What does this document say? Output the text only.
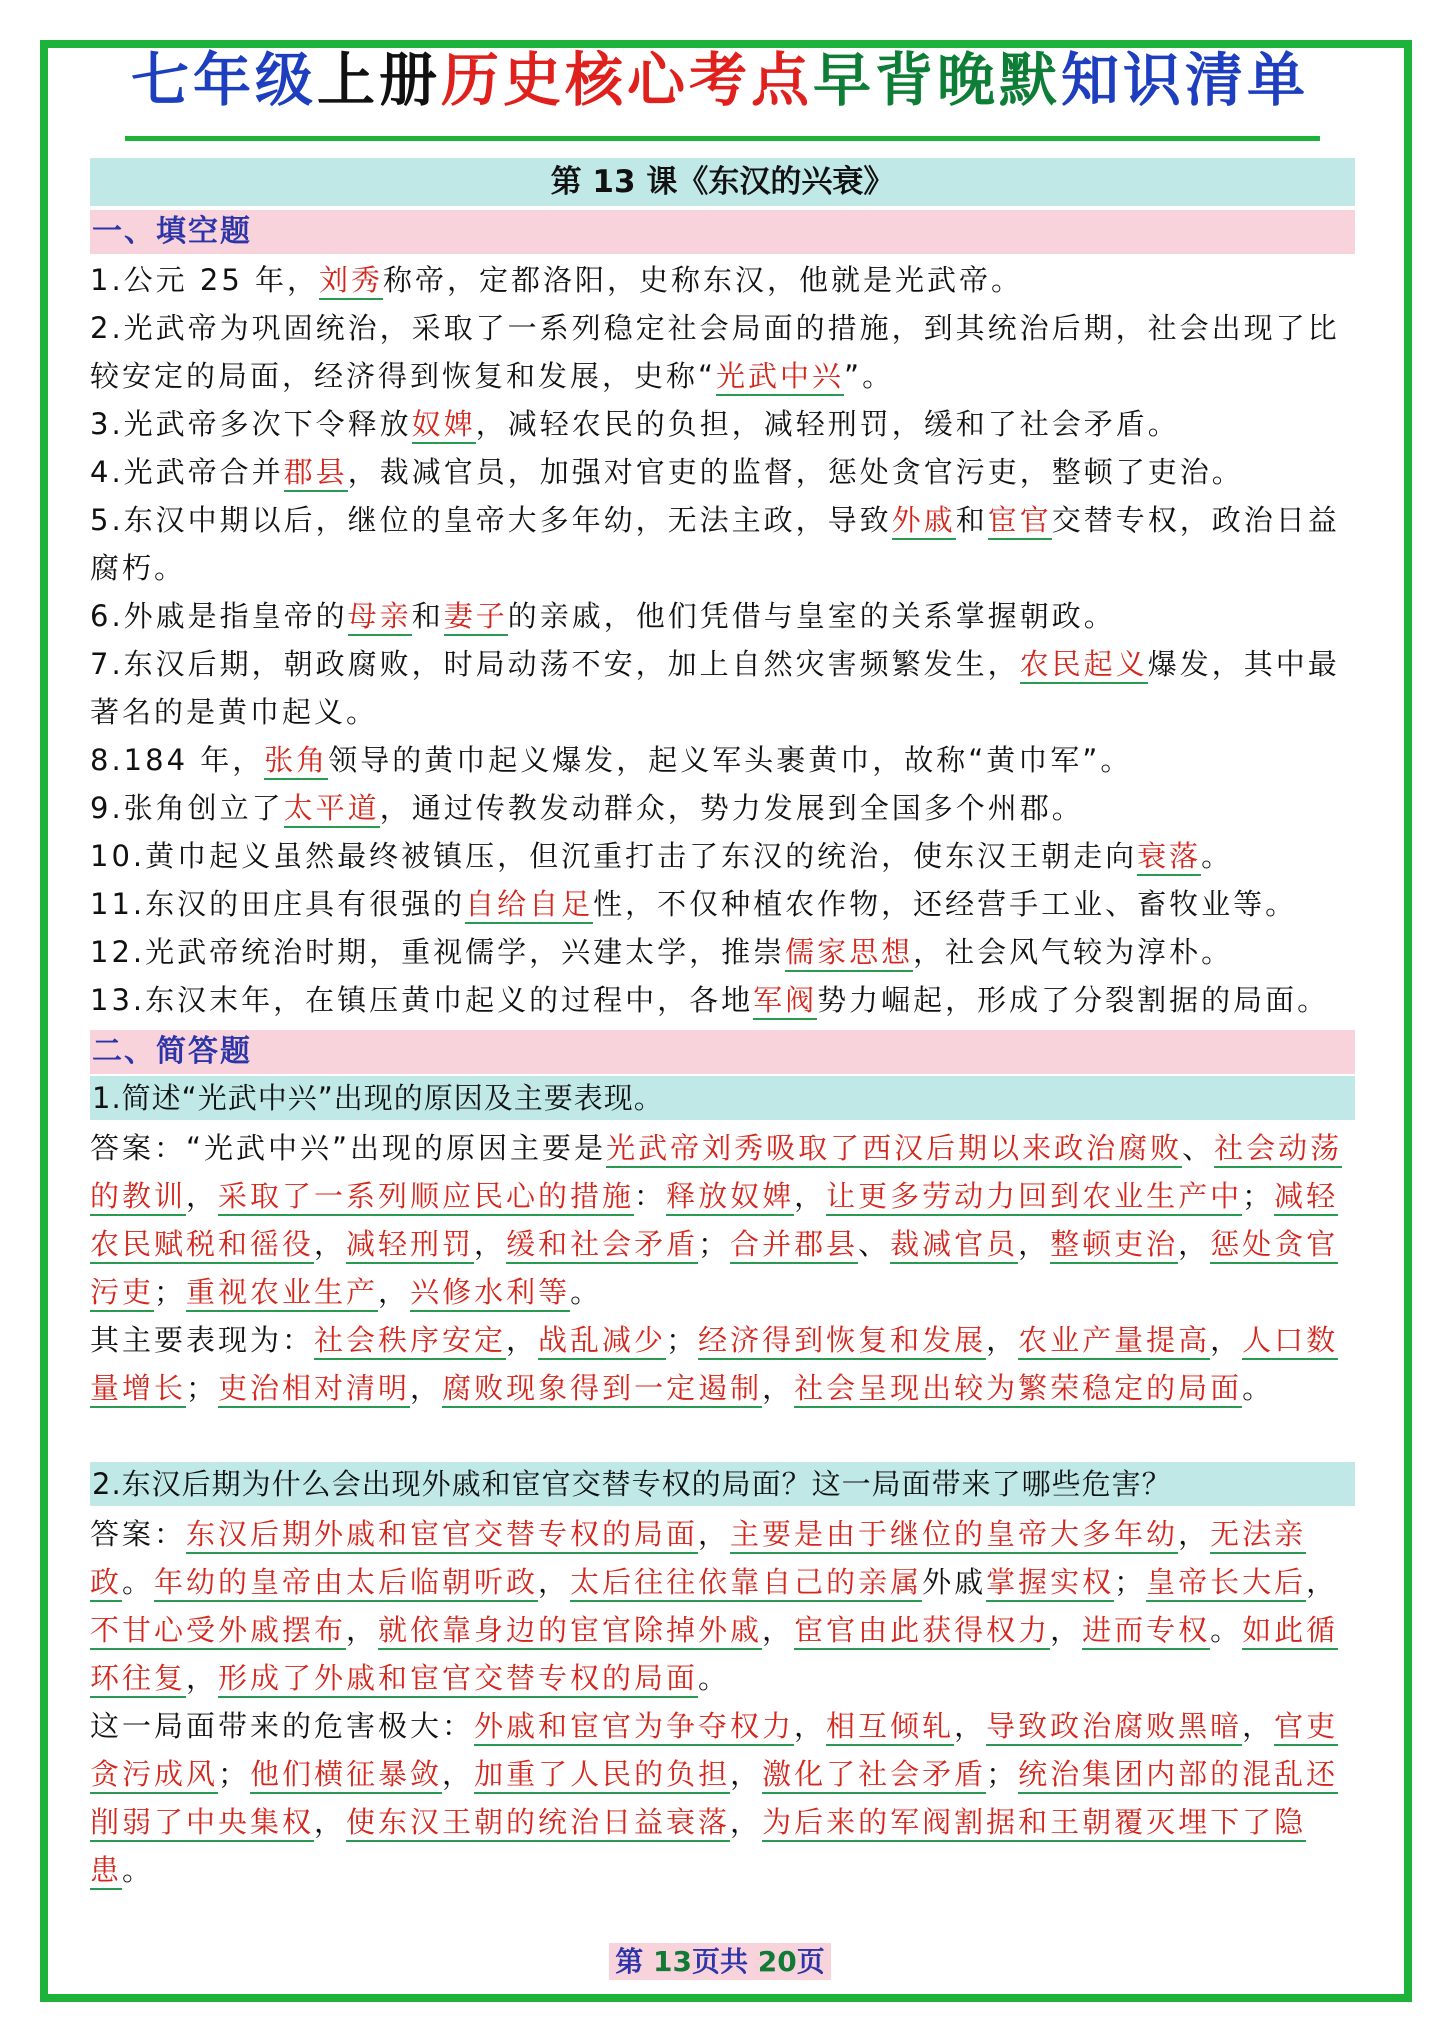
七年级上册历史核心考点早背晚默知识清单
第 13 课《东汉的兴衰》
一、填空题
1.公元 25 年，刘秀称帝，定都洛阳，史称东汉，他就是光武帝。
2.光武帝为巩固统治，采取了一系列稳定社会局面的措施，到其统治后期，社会出现了比较安定的局面，经济得到恢复和发展，史称“光武中兴”。
3.光武帝多次下令释放奴婢，减轻农民的负担，减轻刑罚，缓和了社会矛盾。
4.光武帝合并郡县，裁减官员，加强对官吏的监督，惩处贪官污吏，整顿了吏治。
5.东汉中期以后，继位的皇帝大多年幼，无法主政，导致外戚和宦官交替专权，政治日益腐朽。
6.外戚是指皇帝的母亲和妻子的亲戚，他们凭借与皇室的关系掌握朝政。
7.东汉后期，朝政腐败，时局动荡不安，加上自然灾害频繁发生，农民起义爆发，其中最著名的是黄巾起义。
8.184 年，张角领导的黄巾起义爆发，起义军头裹黄巾，故称“黄巾军”。
9.张角创立了太平道，通过传教发动群众，势力发展到全国多个州郡。
10.黄巾起义虽然最终被镇压，但沉重打击了东汉的统治，使东汉王朝走向衰落。
11.东汉的田庄具有很强的自给自足性，不仅种植农作物，还经营手工业、畜牧业等。
12.光武帝统治时期，重视儒学，兴建太学，推崇儒家思想，社会风气较为淳朴。
13.东汉末年，在镇压黄巾起义的过程中，各地军阀势力崛起，形成了分裂割据的局面。
二、简答题
1.简述“光武中兴”出现的原因及主要表现。
答案：“光武中兴”出现的原因主要是光武帝刘秀吸取了西汉后期以来政治腐败、社会动荡的教训，采取了一系列顺应民心的措施：释放奴婢，让更多劳动力回到农业生产中；减轻农民赋税和徭役，减轻刑罚，缓和社会矛盾；合并郡县、裁减官员，整顿吏治，惩处贪官污吏；重视农业生产，兴修水利等。
其主要表现为：社会秩序安定，战乱减少；经济得到恢复和发展，农业产量提高，人口数量增长；吏治相对清明，腐败现象得到一定遏制，社会呈现出较为繁荣稳定的局面。
2.东汉后期为什么会出现外戚和宦官交替专权的局面？这一局面带来了哪些危害？
答案：东汉后期外戚和宦官交替专权的局面，主要是由于继位的皇帝大多年幼，无法亲政。年幼的皇帝由太后临朝听政，太后往往依靠自己的亲属外戚掌握实权；皇帝长大后，不甘心受外戚摆布，就依靠身边的宦官除掉外戚，宦官由此获得权力，进而专权。如此循环往复，形成了外戚和宦官交替专权的局面。
这一局面带来的危害极大：外戚和宦官为争夺权力，相互倾轧，导致政治腐败黑暗，官吏贪污成风；他们横征暴敛，加重了人民的负担，激化了社会矛盾；统治集团内部的混乱还削弱了中央集权，使东汉王朝的统治日益衰落，为后来的军阀割据和王朝覆灭埋下了隐患。
第 13页共 20页
